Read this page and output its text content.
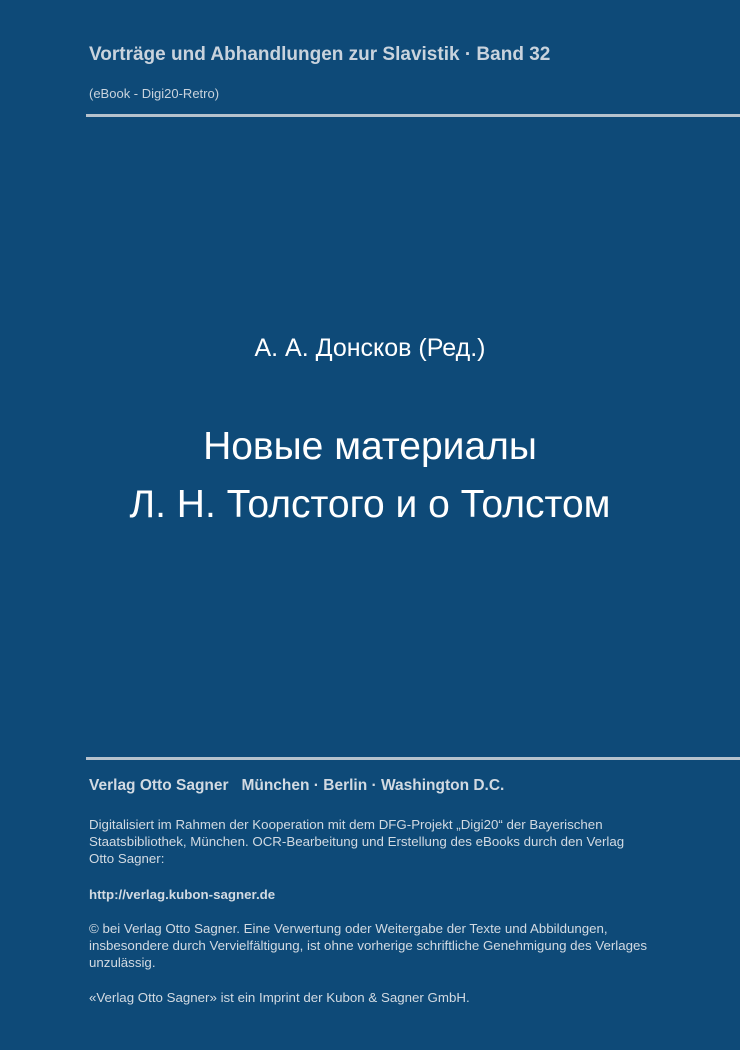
Vorträge und Abhandlungen zur Slavistik · Band 32
(eBook - Digi20-Retro)
А. А. Донсков (Ред.)
Новые материалы
Л. Н. Толстого и о Толстом
Verlag Otto Sagner   München · Berlin · Washington D.C.
Digitalisiert im Rahmen der Kooperation mit dem DFG-Projekt „Digi20“ der Bayerischen Staatsbibliothek, München. OCR-Bearbeitung und Erstellung des eBooks durch den Verlag Otto Sagner:
http://verlag.kubon-sagner.de
© bei Verlag Otto Sagner. Eine Verwertung oder Weitergabe der Texte und Abbildungen, insbesondere durch Vervielfältigung, ist ohne vorherige schriftliche Genehmigung des Verlages unzulässig.
«Verlag Otto Sagner» ist ein Imprint der Kubon & Sagner GmbH.
